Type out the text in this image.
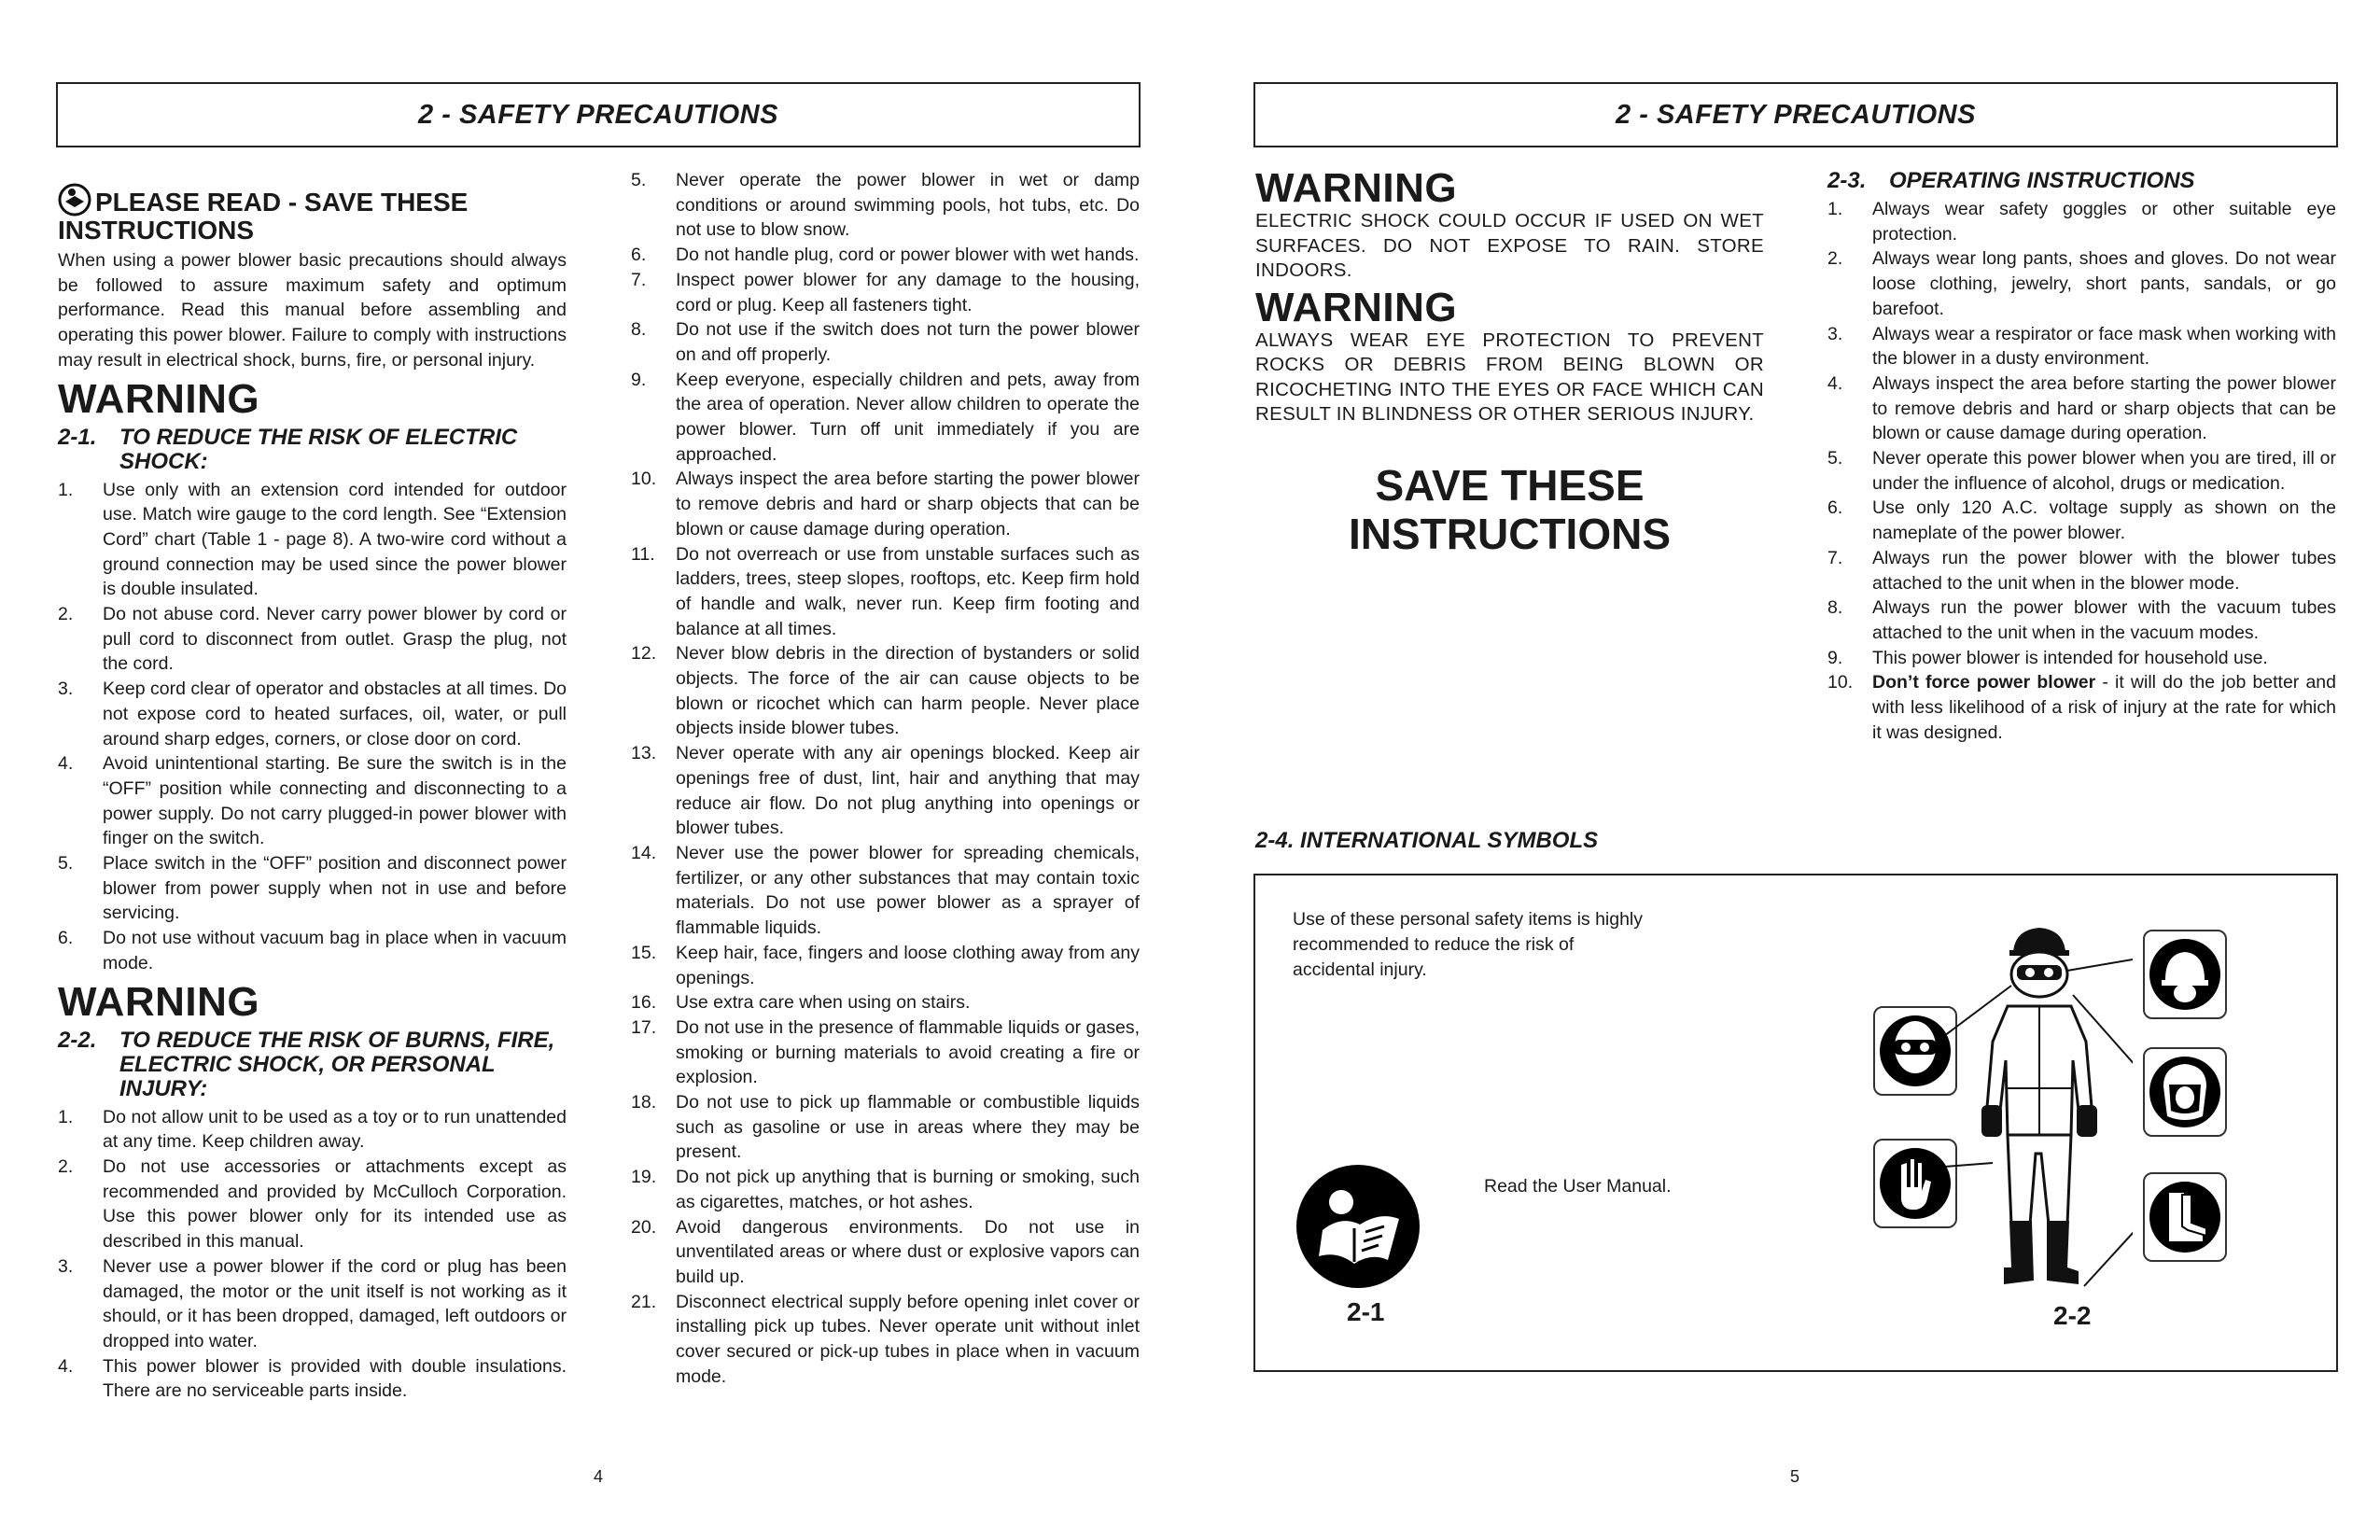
2 - SAFETY PRECAUTIONS
PLEASE READ - SAVE THESE
INSTRUCTIONS

When using a power blower basic precautions should always be followed to assure maximum safety and optimum performance. Read this manual before assembling and operating this power blower. Failure to comply with instructions may result in electrical shock, burns, fire, or personal injury.

WARNING
2-1.	TO REDUCE THE RISK OF ELECTRIC SHOCK:
1.	Use only with an extension cord intended for outdoor use. Match wire gauge to the cord length. See “Extension Cord” chart (Table 1 - page 8). A two-wire cord without a ground connection may be used since the power blower is double insulated.
2.	Do not abuse cord. Never carry power blower by cord or pull cord to disconnect from outlet. Grasp the plug, not the cord.
3.	Keep cord clear of operator and obstacles at all times. Do not expose cord to heated surfaces, oil, water, or pull around sharp edges, corners, or close door on cord.
4.	Avoid unintentional starting. Be sure the switch is in the “OFF” position while connecting and disconnecting to a power supply. Do not carry plugged-in power blower with finger on the switch.
5.	Place switch in the “OFF” position and disconnect power blower from power supply when not in use and before servicing.
6.	Do not use without vacuum bag in place when in vacuum mode.
WARNING
2-2.	TO REDUCE THE RISK OF BURNS, FIRE, ELECTRIC SHOCK, OR PERSONAL INJURY:
1.	Do not allow unit to be used as a toy or to run unattended at any time. Keep children away.
2.	Do not use accessories or attachments except as recommended and provided by McCulloch Corporation. Use this power blower only for its intended use as described in this manual.
3.	Never use a power blower if the cord or plug has been damaged, the motor or the unit itself is not working as it should, or it has been dropped, damaged, left outdoors or dropped into water.
4.	This power blower is provided with double insulations. There are no serviceable parts inside.
5.	Never operate the power blower in wet or damp conditions or around swimming pools, hot tubs, etc. Do not use to blow snow.
6.	Do not handle plug, cord or power blower with wet hands.
7.	Inspect power blower for any damage to the housing, cord or plug. Keep all fasteners tight.
8.	Do not use if the switch does not turn the power blower on and off properly.
9.	Keep everyone, especially children and pets, away from the area of operation. Never allow children to operate the power blower. Turn off unit immediately if you are approached.
10.	Always inspect the area before starting the power blower to remove debris and hard or sharp objects that can be blown or cause damage during operation.
11.	Do not overreach or use from unstable surfaces such as ladders, trees, steep slopes, rooftops, etc. Keep firm hold of handle and walk, never run. Keep firm footing and balance at all times.
12.	Never blow debris in the direction of bystanders or solid objects. The force of the air can cause objects to be blown or ricochet which can harm people. Never place objects inside blower tubes.
13.	Never operate with any air openings blocked. Keep air openings free of dust, lint, hair and anything that may reduce air flow. Do not plug anything into openings or blower tubes.
14.	Never use the power blower for spreading chemicals, fertilizer, or any other substances that may contain toxic materials. Do not use power blower as a sprayer of flammable liquids.
15.	Keep hair, face, fingers and loose clothing away from any openings.
16.	Use extra care when using on stairs.
17.	Do not use in the presence of flammable liquids or gases, smoking or burning materials to avoid creating a fire or explosion.
18.	Do not use to pick up flammable or combustible liquids such as gasoline or use in areas where they may be present.
19.	Do not pick up anything that is burning or smoking, such as cigarettes, matches, or hot ashes.
20.	Avoid dangerous environments. Do not use in unventilated areas or where dust or explosive vapors can build up.
21.	Disconnect electrical supply before opening inlet cover or installing pick up tubes. Never operate unit without inlet cover secured or pick-up tubes in place when in vacuum mode.
4
2 - SAFETY PRECAUTIONS
WARNING
ELECTRIC SHOCK COULD OCCUR IF USED ON WET SURFACES. DO NOT EXPOSE TO RAIN. STORE INDOORS.
WARNING
ALWAYS WEAR EYE PROTECTION TO PREVENT ROCKS OR DEBRIS FROM BEING BLOWN OR RICOCHETING INTO THE EYES OR FACE WHICH CAN RESULT IN BLINDNESS OR OTHER SERIOUS INJURY.
SAVE THESE
INSTRUCTIONS
2-3.	OPERATING INSTRUCTIONS
1.	Always wear safety goggles or other suitable eye protection.
2.	Always wear long pants, shoes and gloves. Do not wear loose clothing, jewelry, short pants, sandals, or go barefoot.
3.	Always wear a respirator or face mask when working with the blower in a dusty environment.
4.	Always inspect the area before starting the power blower to remove debris and hard or sharp objects that can be blown or cause damage during operation.
5.	Never operate this power blower when you are tired, ill or under the influence of alcohol, drugs or medication.
6.	Use only 120 A.C. voltage supply as shown on the nameplate of the power blower.
7.	Always run the power blower with the blower tubes attached to the unit when in the blower mode.
8.	Always run the power blower with the vacuum tubes attached to the unit when in the vacuum modes.
9.	This power blower is intended for household use.
10.	Don’t force power blower - it will do the job better and with less likelihood of a risk of injury at the rate for which it was designed.
2-4. INTERNATIONAL SYMBOLS
Use of these personal safety items is highly recommended to reduce the risk of accidental injury.
Read the User Manual.
2-1	2-2
5
